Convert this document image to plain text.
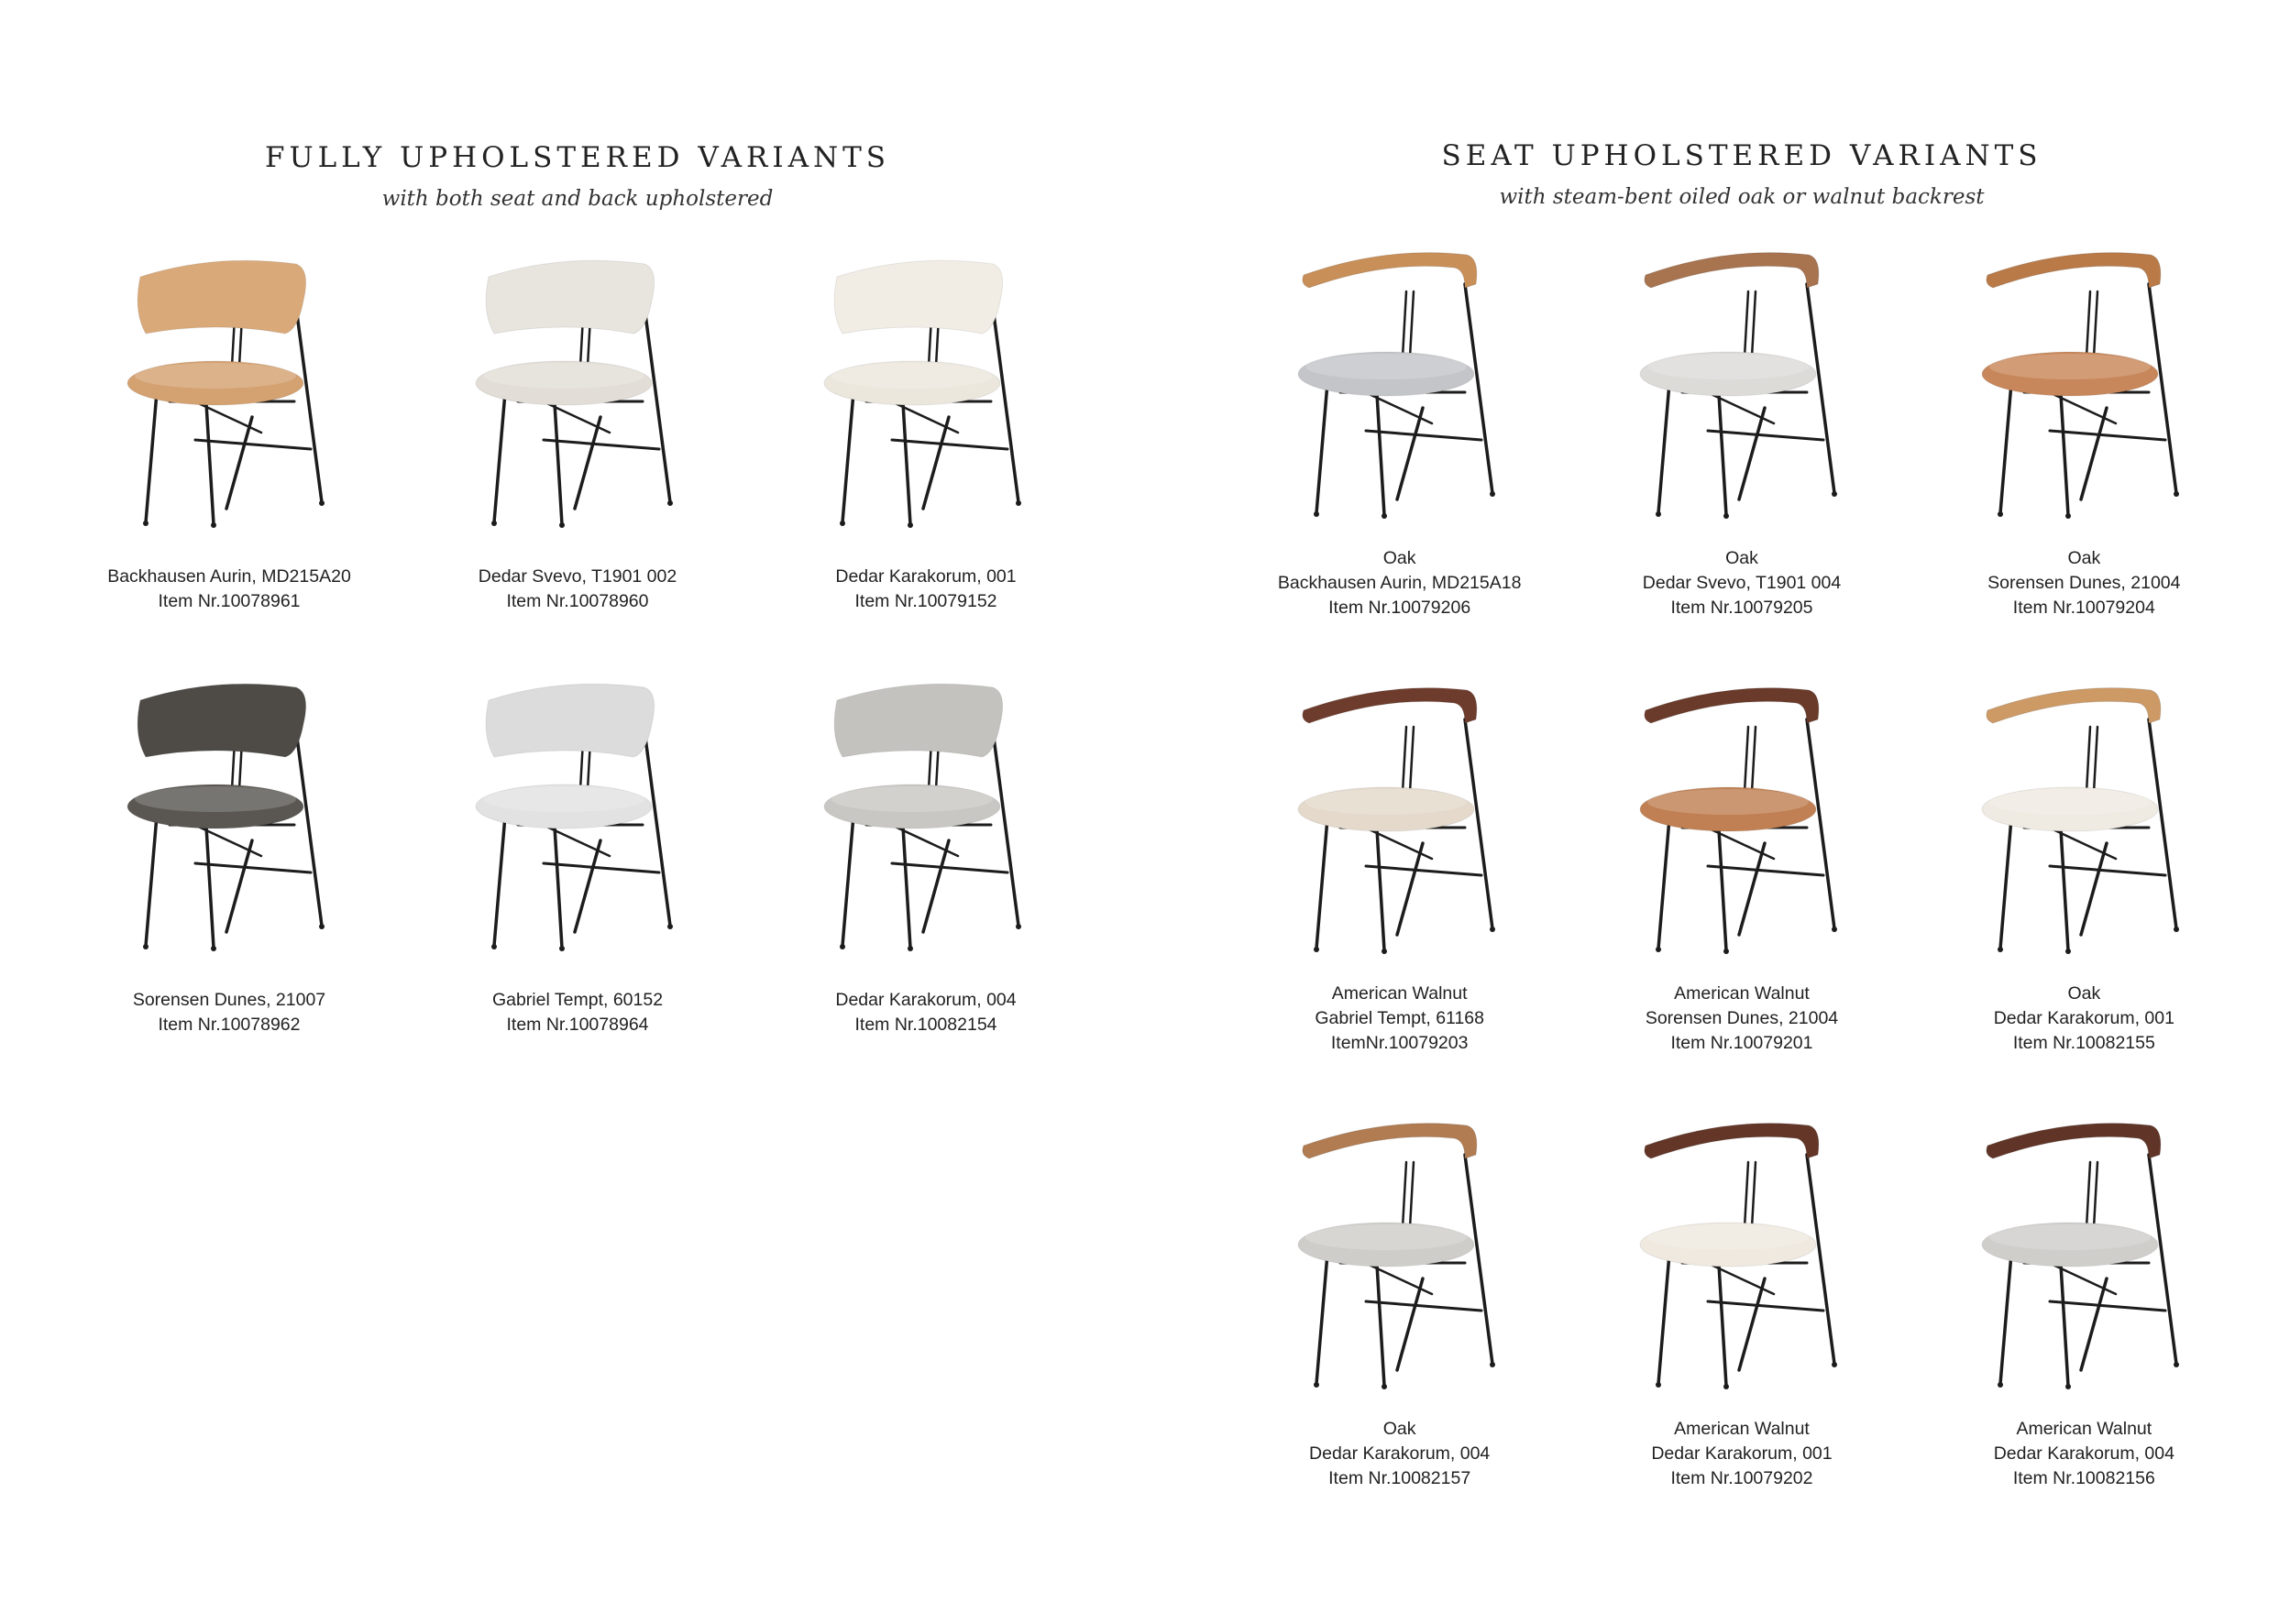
FULLY UPHOLSTERED VARIANTS
with both seat and back upholstered
Backhausen Aurin, MD215A20
Item Nr.10078961
Dedar Svevo, T1901 002
Item Nr.10078960
Dedar Karakorum, 001
Item Nr.10079152
Sorensen Dunes, 21007
Item Nr.10078962
Gabriel Tempt, 60152
Item Nr.10078964
Dedar Karakorum, 004
Item Nr.10082154
SEAT UPHOLSTERED VARIANTS
with steam-bent oiled oak or walnut backrest
Oak
Backhausen Aurin, MD215A18
Item Nr.10079206
Oak
Dedar Svevo, T1901 004
Item Nr.10079205
Oak
Sorensen Dunes, 21004
Item Nr.10079204
American Walnut
Gabriel Tempt, 61168
ItemNr.10079203
American Walnut
Sorensen Dunes, 21004
Item Nr.10079201
Oak
Dedar Karakorum, 001
Item Nr.10082155
Oak
Dedar Karakorum, 004
Item Nr.10082157
American Walnut
Dedar Karakorum, 001
Item Nr.10079202
American Walnut
Dedar Karakorum, 004
Item Nr.10082156
